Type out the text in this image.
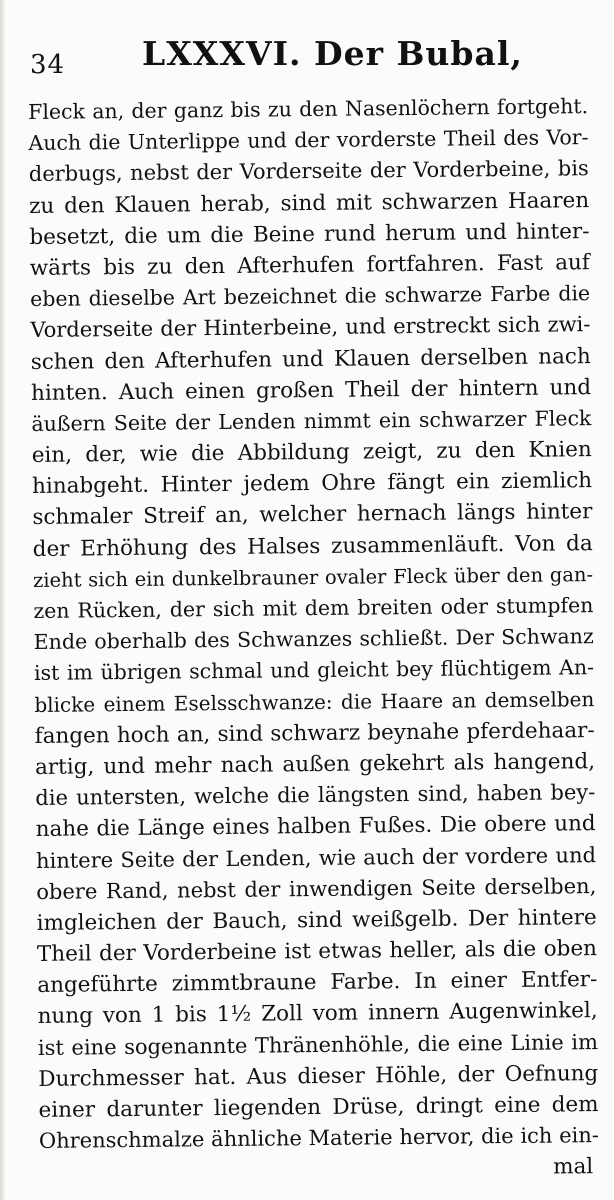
34 LXXXVI. Der Bubal,
Fleck an, der ganz bis zu den Nasenlöchern fortgeht.
Auch die Unterlippe und der vorderste Theil des Vor-
derbugs, nebst der Vorderseite der Vorderbeine, bis
zu den Klauen herab, sind mit schwarzen Haaren
besetzt, die um die Beine rund herum und hinter-
wärts bis zu den Afterhufen fortfahren. Fast auf
eben dieselbe Art bezeichnet die schwarze Farbe die
Vorderseite der Hinterbeine, und erstreckt sich zwi-
schen den Afterhufen und Klauen derselben nach
hinten. Auch einen großen Theil der hintern und
äußern Seite der Lenden nimmt ein schwarzer Fleck
ein, der, wie die Abbildung zeigt, zu den Knien
hinabgeht. Hinter jedem Ohre fängt ein ziemlich
schmaler Streif an, welcher hernach längs hinter
der Erhöhung des Halses zusammenläuft. Von da
zieht sich ein dunkelbrauner ovaler Fleck über den gan-
zen Rücken, der sich mit dem breiten oder stumpfen
Ende oberhalb des Schwanzes schließt. Der Schwanz
ist im übrigen schmal und gleicht bey flüchtigem An-
blicke einem Eselsschwanze: die Haare an demselben
fangen hoch an, sind schwarz beynahe pferdehaar-
artig, und mehr nach außen gekehrt als hangend,
die untersten, welche die längsten sind, haben bey-
nahe die Länge eines halben Fußes. Die obere und
hintere Seite der Lenden, wie auch der vordere und
obere Rand, nebst der inwendigen Seite derselben,
imgleichen der Bauch, sind weißgelb. Der hintere
Theil der Vorderbeine ist etwas heller, als die oben
angeführte zimmtbraune Farbe. In einer Entfer-
nung von 1 bis 1½ Zoll vom innern Augenwinkel,
ist eine sogenannte Thränenhöhle, die eine Linie im
Durchmesser hat. Aus dieser Höhle, der Oefnung
einer darunter liegenden Drüse, dringt eine dem
Ohrenschmalze ähnliche Materie hervor, die ich ein-
mal
